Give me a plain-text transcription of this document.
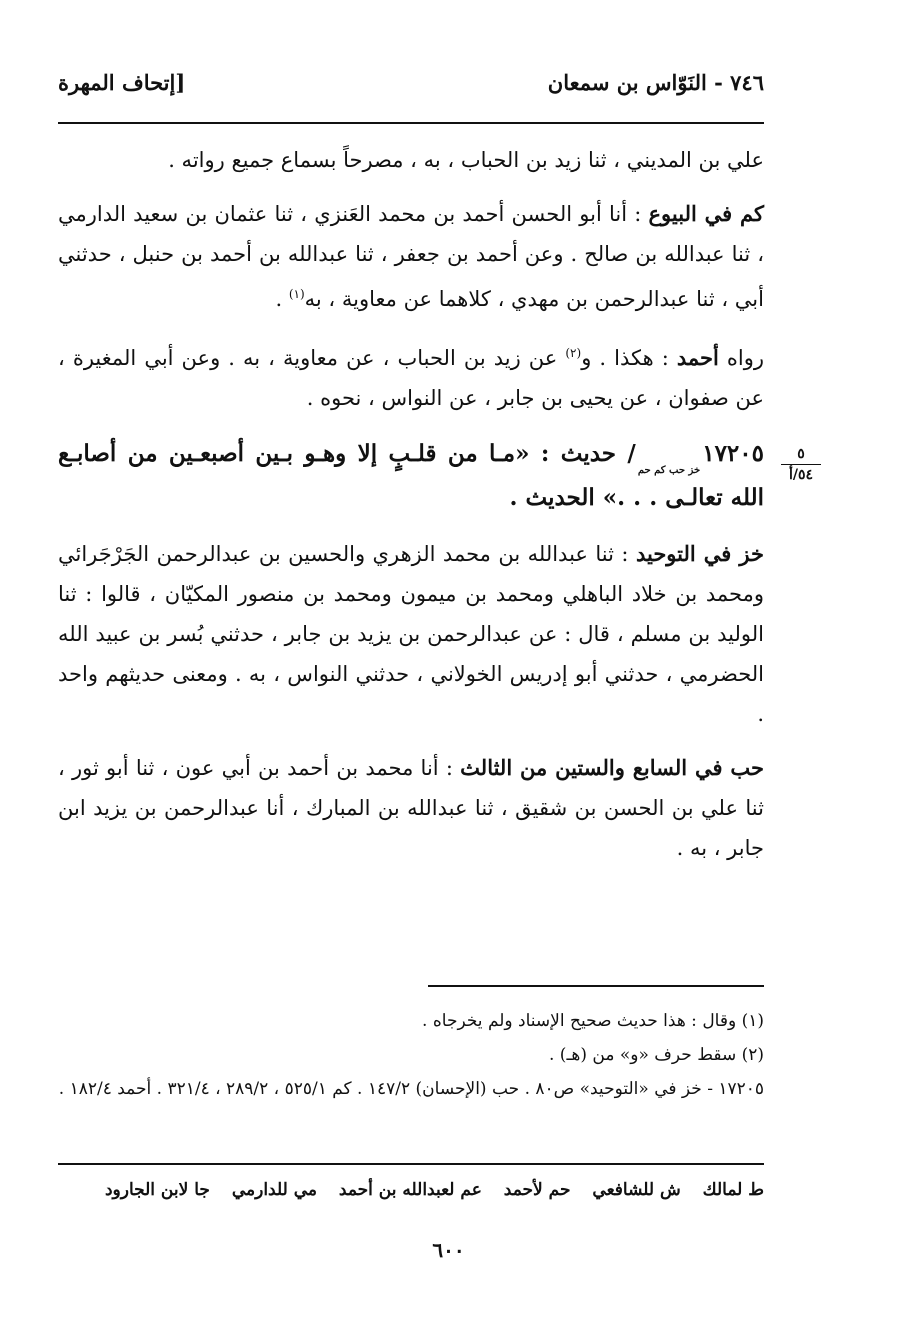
٧٤٦ - النَوّاس بن سمعان
[إتحاف المهرة

علي بن المديني ، ثنا زيد بن الحباب ، به ، مصرحاً بسماع جميع رواته .

كم في البيوع : أنا أبو الحسن أحمد بن محمد العَنزي ، ثنا عثمان بن سعيد الدارمي ، ثنا عبدالله بن صالح . وعن أحمد بن جعفر ، ثنا عبدالله بن أحمد بن حنبل ، حدثني أبي ، ثنا عبدالرحمن بن مهدي ، كلاهما عن معاوية ، به$^{(١)}$ .

رواه أحمد : هكذا . و$^{(٢)}$ عن زيد بن الحباب ، عن معاوية ، به . وعن أبي المغيرة ، عن صفوان ، عن يحيى بن جابر ، عن النواس ، نحوه .

١٧٢٠٥خز حب كم حم/ حديث : «مـا من قلـبٍ إلا وهـو بـين أصبعـين من أصابـع الله تعالـى . . .» الحديث .

خز في التوحيد : ثنا عبدالله بن محمد الزهري والحسين بن عبدالرحمن الجَرْجَرائي ومحمد بن خلاد الباهلي ومحمد بن ميمون ومحمد بن منصور المكيّان ، قالوا : ثنا الوليد بن مسلم ، قال : عن عبدالرحمن بن يزيد بن جابر ، حدثني بُسر بن عبيد الله الحضرمي ، حدثني أبو إدريس الخولاني ، حدثني النواس ، به . ومعنى حديثهم واحد .

حب في السابع والستين من الثالث : أنا محمد بن أحمد بن أبي عون ، ثنا أبو ثور ، ثنا علي بن الحسن بن شقيق ، ثنا عبدالله بن المبارك ، أنا عبدالرحمن بن يزيد ابن جابر ، به .

٥
٥٤/أ
(١) وقال : هذا حديث صحيح الإسناد ولم يخرجاه .
(٢) سقط حرف «و» من (هـ) .
١٧٢٠٥ - خز في «التوحيد» ص٨٠ . حب (الإحسان) ١٤٧/٢ . كم ٥٢٥/١ ، ٢٨٩/٢ ، ٣٢١/٤ . أحمد ١٨٢/٤ .
ط لمالك ش للشافعي حم لأحمد عم لعبدالله بن أحمد مي للدارمي جا لابن الجارود
٦٠٠
